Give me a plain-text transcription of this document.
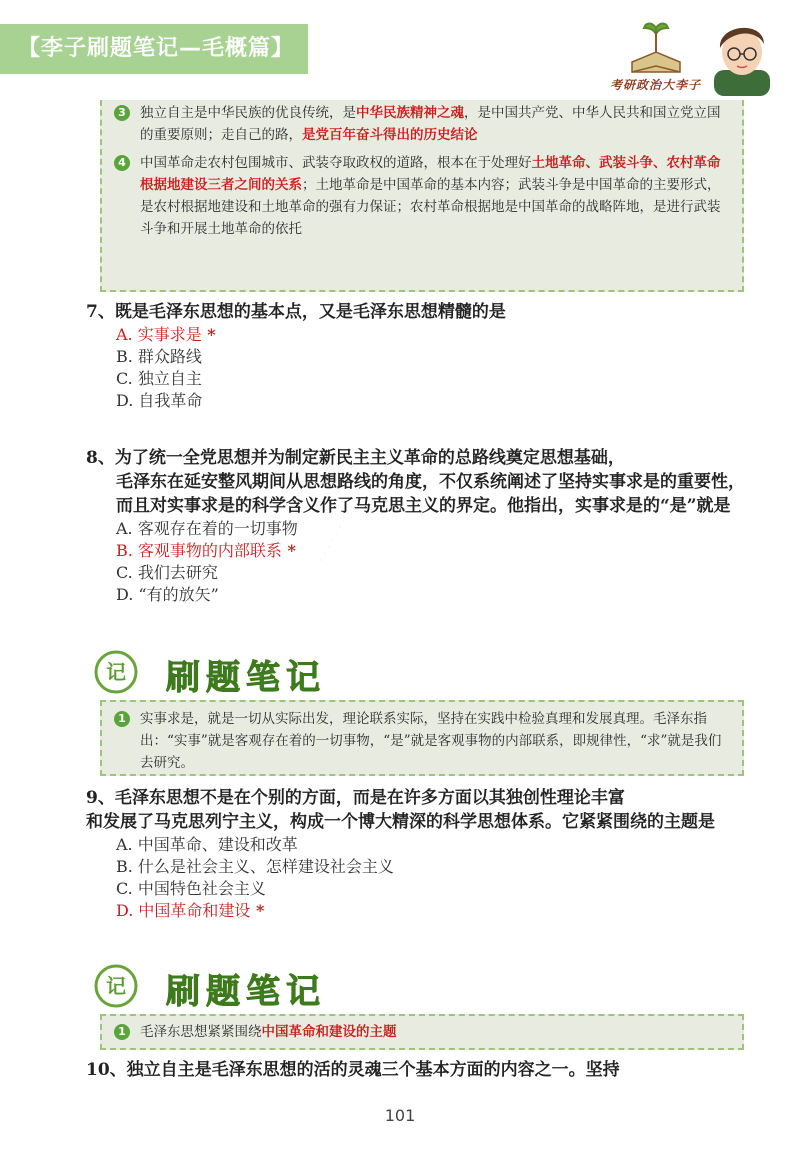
【李子刷题笔记—毛概篇】
考研政治大李子
3	独立自主是中华民族的优良传统，是中华民族精神之魂，是中国共产党、中华人民共和国立党立国的重要原则；走自己的路，是党百年奋斗得出的历史结论
4	中国革命走农村包围城市、武装夺取政权的道路，根本在于处理好土地革命、武装斗争、农村革命根据地建设三者之间的关系；土地革命是中国革命的基本内容；武装斗争是中国革命的主要形式，是农村根据地建设和土地革命的强有力保证；农村革命根据地是中国革命的战略阵地，是进行武装斗争和开展土地革命的依托
7、既是毛泽东思想的基本点，又是毛泽东思想精髓的是
A. 实事求是 *
B. 群众路线
C. 独立自主
D. 自我革命
8、为了统一全党思想并为制定新民主主义革命的总路线奠定思想基础，
毛泽东在延安整风期间从思想路线的角度，不仅系统阐述了坚持实事求是的重要性，而且对实事求是的科学含义作了马克思主义的界定。他指出，实事求是的“是”就是
A. 客观存在着的一切事物
B. 客观事物的内部联系 *
C. 我们去研究
D. “有的放矢”
· · · · · · · · · · ·
记 刷题笔记
1	实事求是，就是一切从实际出发，理论联系实际，坚持在实践中检验真理和发展真理。毛泽东指出：“实事”就是客观存在着的一切事物，“是”就是客观事物的内部联系，即规律性，“求”就是我们去研究。
9、毛泽东思想不是在个别的方面，而是在许多方面以其独创性理论丰富
和发展了马克思列宁主义，构成一个博大精深的科学思想体系。它紧紧围绕的主题是
A. 中国革命、建设和改革
B. 什么是社会主义、怎样建设社会主义
C. 中国特色社会主义
D. 中国革命和建设 *
记 刷题笔记
1	毛泽东思想紧紧围绕中国革命和建设的主题
10、独立自主是毛泽东思想的活的灵魂三个基本方面的内容之一。坚持
101
